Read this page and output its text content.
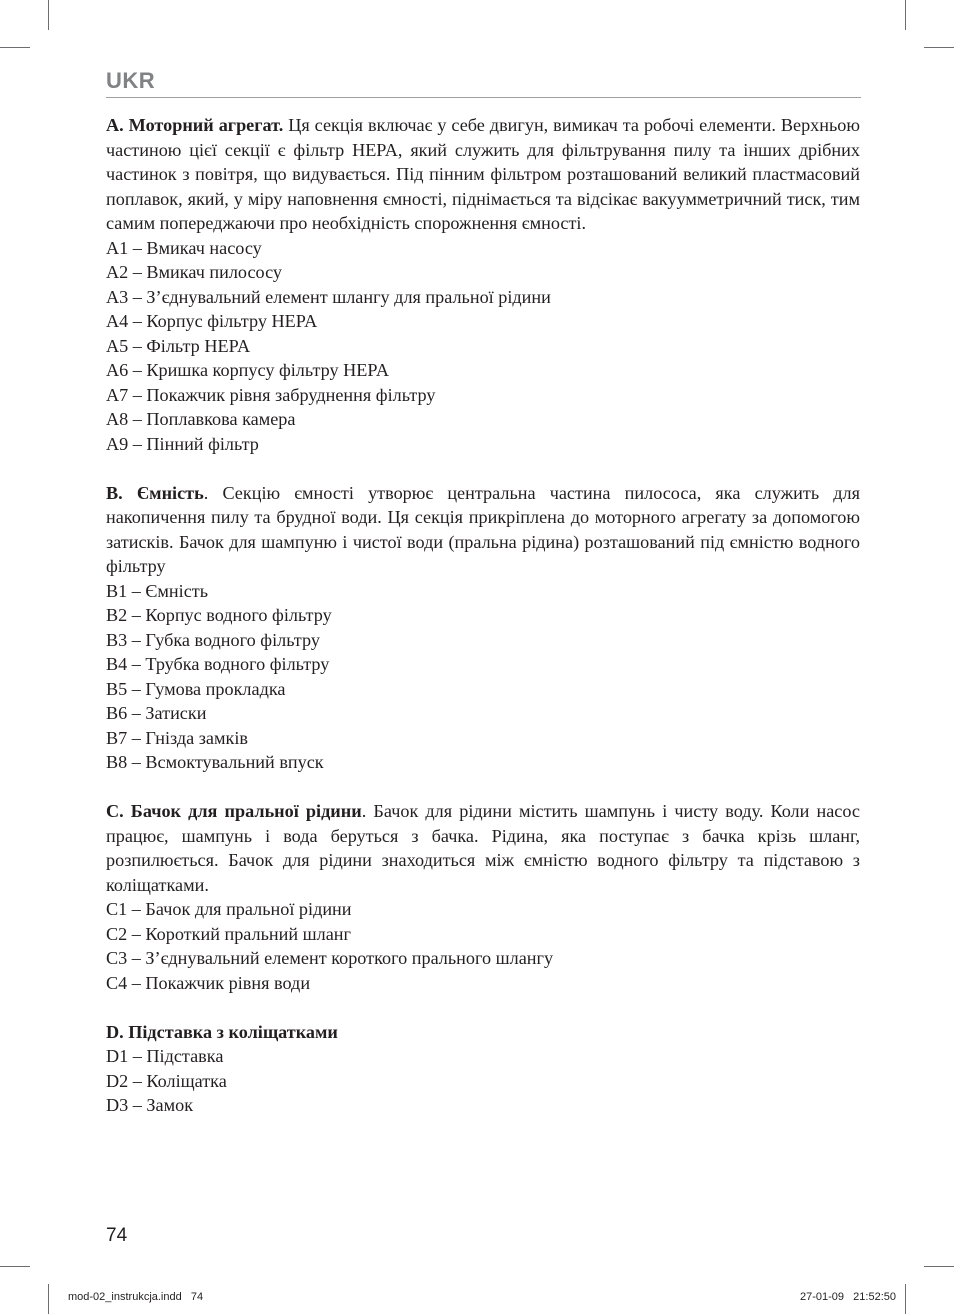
UKR

A. Моторний агрегат. Ця секція включає у себе двигун, вимикач та робочі елементи. Верхньою частиною цієї секції є фільтр HEPA, який служить для фільтрування пилу та інших дрібних частинок з повітря, що видувається. Під пінним фільтром розташований великий пластмасовий поплавок, який, у міру наповнення ємності, піднімається та відсікає вакуумметричний тиск, тим самим попереджаючи про необхідність спорожнення ємності.

A1 – Вмикач насосу
A2 – Вмикач пилососу
A3 – З’єднувальний елемент шлангу для пральної рідини
A4 – Корпус фільтру HEPA
A5 – Фільтр HEPA
A6 – Кришка корпусу фільтру HEPA
A7 – Покажчик рівня забруднення фільтру
A8 – Поплавкова камера
A9 – Пінний фільтр

B. Ємність. Секцію ємності утворює центральна частина пилососа, яка служить для накопичення пилу та брудної води. Ця секція прикріплена до моторного агрегату за допомогою затисків. Бачок для шампуню і чистої води (пральна рідина) розташований під ємністю водного фільтру

B1 – Ємність
B2 – Корпус водного фільтру
B3 – Губка водного фільтру
B4 – Трубка водного фільтру
B5 – Гумова прокладка
B6 – Затиски
B7 – Гнізда замків
B8 – Всмоктувальний впуск

C. Бачок для пральної рідини. Бачок для рідини містить шампунь і чисту воду. Коли насос працює, шампунь і вода беруться з бачка. Рідина, яка поступає з бачка крізь шланг, розпилюється. Бачок для рідини знаходиться між ємністю водного фільтру та підставою з коліщатками.

C1 – Бачок для пральної рідини
C2 – Короткий пральний шланг
C3 – З’єднувальний елемент короткого прального шлангу
C4 – Покажчик рівня води

D. Підставка з коліщатками

D1 – Підставка
D2 – Коліщатка
D3 – Замок
74
mod-02_instrukcja.indd   74	27-01-09   21:52:50
